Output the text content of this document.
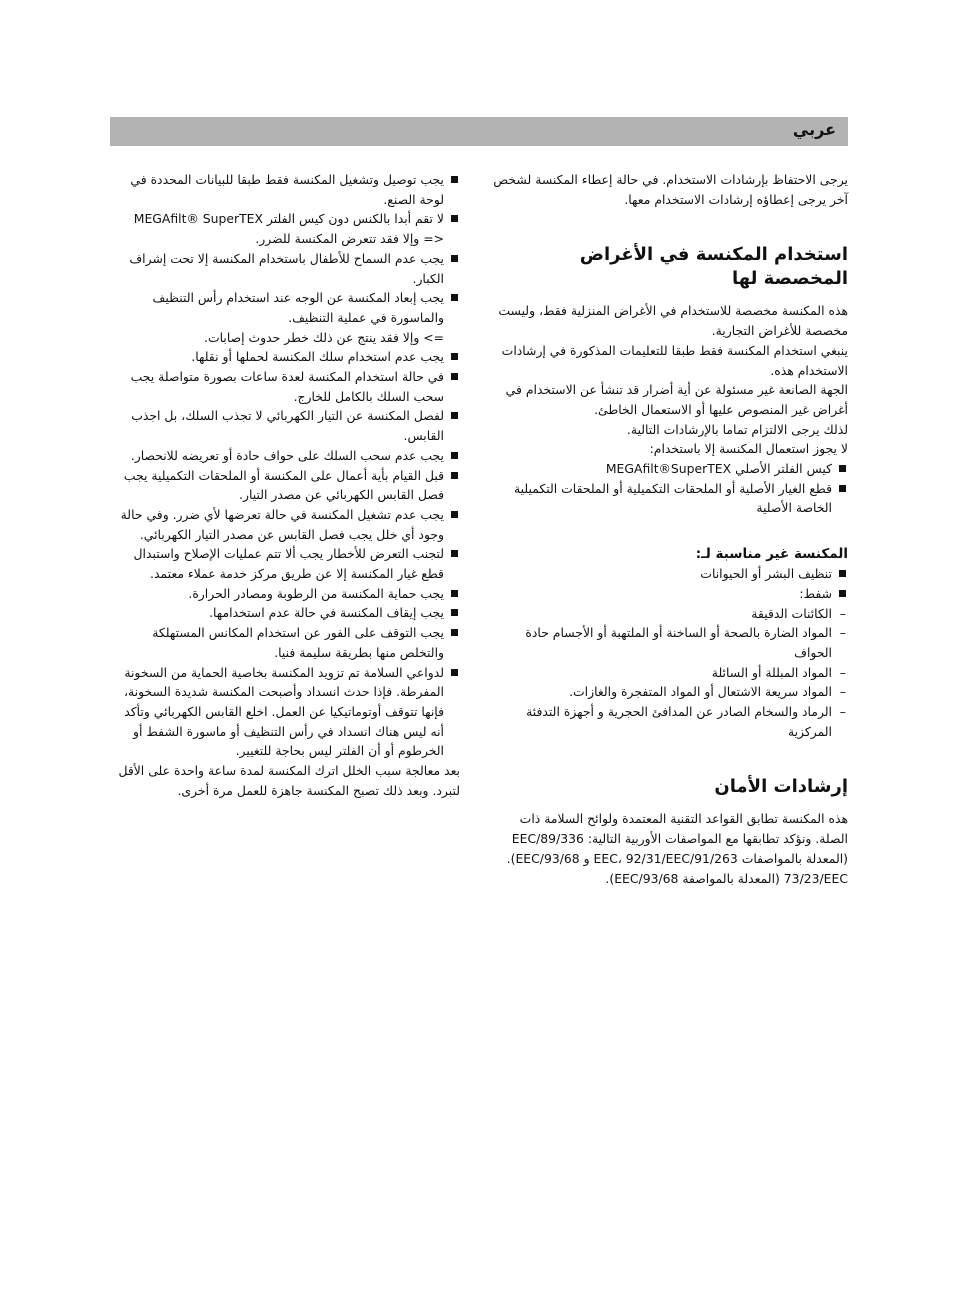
عربي

يرجى الاحتفاظ بإرشادات الاستخدام. في حالة إعطاء المكنسة لشخص آخر يرجى إعطاؤه إرشادات الاستخدام معها.

استخدام المكنسة في الأغراض المخصصة لها

هذه المكنسة مخصصة للاستخدام في الأغراض المنزلية فقط، وليست مخصصة للأغراض التجارية.

ينبغي استخدام المكنسة فقط طبقا للتعليمات المذكورة في إرشادات الاستخدام هذه.

الجهة الصانعة غير مسئولة عن أية أضرار قد تنشأ عن الاستخدام في أغراض غير المنصوص عليها أو الاستعمال الخاطئ.

لذلك يرجى الالتزام تماما بالإرشادات التالية.

لا يجوز استعمال المكنسة إلا باستخدام:

كيس الفلتر الأصلي MEGAfilt®SuperTEX
قطع الغيار الأصلية أو الملحقات التكميلية أو الملحقات التكميلية الخاصة الأصلية
المكنسة غير مناسبة لـ:
تنظيف البشر أو الحيوانات
شفط:
– الكائنات الدقيقة
– المواد الضارة بالصحة أو الساخنة أو الملتهبة أو الأجسام حادة الحواف
– المواد المبللة أو السائلة
– المواد سريعة الاشتعال أو المواد المتفجرة والغازات.
– الرماد والسخام الصادر عن المدافئ الحجرية و أجهزة التدفئة المركزية
إرشادات الأمان

هذه المكنسة تطابق القواعد التقنية المعتمدة ولوائح السلامة ذات الصلة. ونؤكد تطابقها مع المواصفات الأوربية التالية: 89/336/EEC (المعدلة بالمواصفات 91/263/EEC، 92/31/EEC و 93/68/EEC). 73/23/EEC (المعدلة بالمواصفة 93/68/EEC).

يجب توصيل وتشغيل المكنسة فقط طبقا للبيانات المحددة في لوحة الصنع.
لا تقم أبدا بالكنس دون كيس الفلتر MEGAfilt® SuperTEX <= وإلا فقد تتعرض المكنسة للضرر.
يجب عدم السماح للأطفال باستخدام المكنسة إلا تحت إشراف الكبار.
يجب إبعاد المكنسة عن الوجه عند استخدام رأس التنظيف والماسورة في عملية التنظيف.

=> وإلا فقد ينتج عن ذلك خطر حدوث إصابات.

يجب عدم استخدام سلك المكنسة لحملها أو نقلها.
في حالة استخدام المكنسة لعدة ساعات بصورة متواصلة يجب سحب السلك بالكامل للخارج.
لفصل المكنسة عن التيار الكهربائي لا تجذب السلك، بل اجذب القابس.
يجب عدم سحب السلك على حواف حادة أو تعريضه للانحصار.
قبل القيام بأية أعمال على المكنسة أو الملحقات التكميلية يجب فصل القابس الكهربائي عن مصدر التيار.
يجب عدم تشغيل المكنسة في حالة تعرضها لأي ضرر. وفي حالة وجود أي خلل يجب فصل القابس عن مصدر التيار الكهربائي.
لتجنب التعرض للأخطار يجب ألا تتم عمليات الإصلاح واستبدال قطع غيار المكنسة إلا عن طريق مركز خدمة عملاء معتمد.
يجب حماية المكنسة من الرطوبة ومصادر الحرارة.
يجب إيقاف المكنسة في حالة عدم استخدامها.
يجب التوقف على الفور عن استخدام المكانس المستهلكة والتخلص منها بطريقة سليمة فنيا.
لدواعي السلامة تم تزويد المكنسة بخاصية الحماية من السخونة المفرطة. فإذا حدث انسداد وأصبحت المكنسة شديدة السخونة، فإنها تتوقف أوتوماتيكيا عن العمل. اخلع القابس الكهربائي وتأكد أنه ليس هناك انسداد في رأس التنظيف أو ماسورة الشفط أو الخرطوم أو أن الفلتر ليس بحاجة للتغيير.

بعد معالجة سبب الخلل اترك المكنسة لمدة ساعة واحدة على الأقل لتبرد. وبعد ذلك تصبح المكنسة جاهزة للعمل مرة أخرى.
